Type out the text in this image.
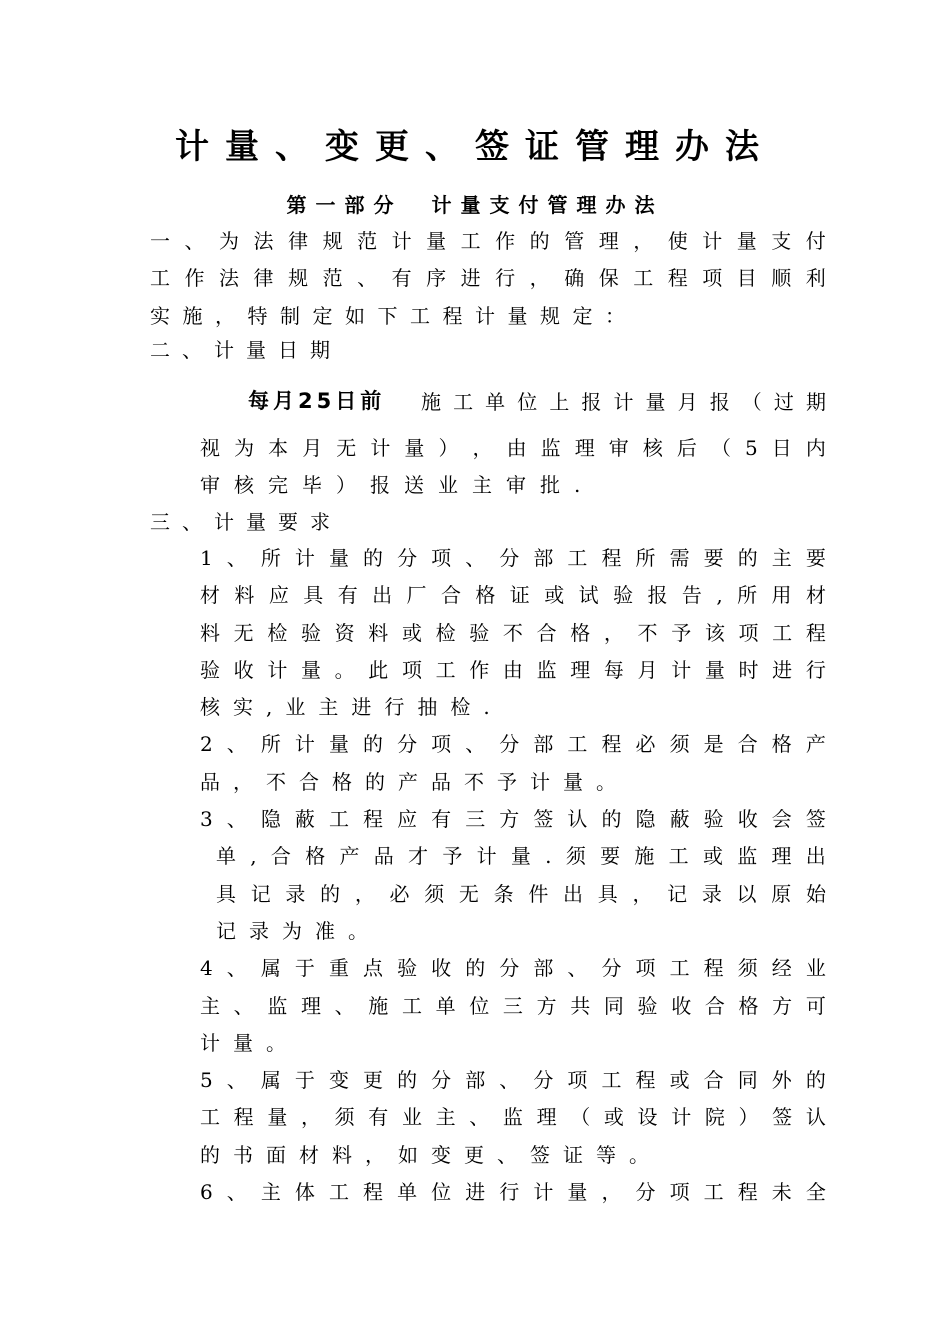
计量、变更、签证管理办法
第一部分　计量支付管理办法
一 、 为 法 律 规 范 计 量 工 作 的 管 理 ， 使 计 量 支 付
工 作 法 律 规 范 、 有 序 进 行 ， 确 保 工 程 项 目 顺 利
实施，特制定如下工程计量规定：
二、计量日期
每月25日前 施 工 单 位 上 报 计 量 月 报 （ 过 期
视 为 本 月 无 计 量 ） ， 由 监 理 审 核 后 （ 5 日 内
审核完毕）报送业主审批.
三、计量要求
1 、 所 计 量 的 分 项 、 分 部 工 程 所 需 要 的 主 要
材 料 应 具 有 出 厂 合 格 证 或 试 验 报 告 , 所 用 材
料 无 检 验 资 料 或 检 验 不 合 格 ， 不 予 该 项 工 程
验 收 计 量 。 此 项 工 作 由 监 理 每 月 计 量 时 进 行
核实,业主进行抽检.
2 、 所 计 量 的 分 项 、 分 部 工 程 必 须 是 合 格 产
品，不合格的产品不予计量。
3 、 隐 蔽 工 程 应 有 三 方 签 认 的 隐 蔽 验 收 会 签
单 , 合 格 产 品 才 予 计 量 . 须 要 施 工 或 监 理 出
具 记 录 的 ， 必 须 无 条 件 出 具 ， 记 录 以 原 始
记录为准。
4 、 属 于 重 点 验 收 的 分 部 、 分 项 工 程 须 经 业
主 、 监 理 、 施 工 单 位 三 方 共 同 验 收 合 格 方 可
计量。
5 、 属 于 变 更 的 分 部 、 分 项 工 程 或 合 同 外 的
工 程 量 ， 须 有 业 主 、 监 理 （ 或 设 计 院 ） 签 认
的书面材料，如变更、签证等。
6 、 主 体 工 程 单 位 进 行 计 量 ， 分 项 工 程 未 全
